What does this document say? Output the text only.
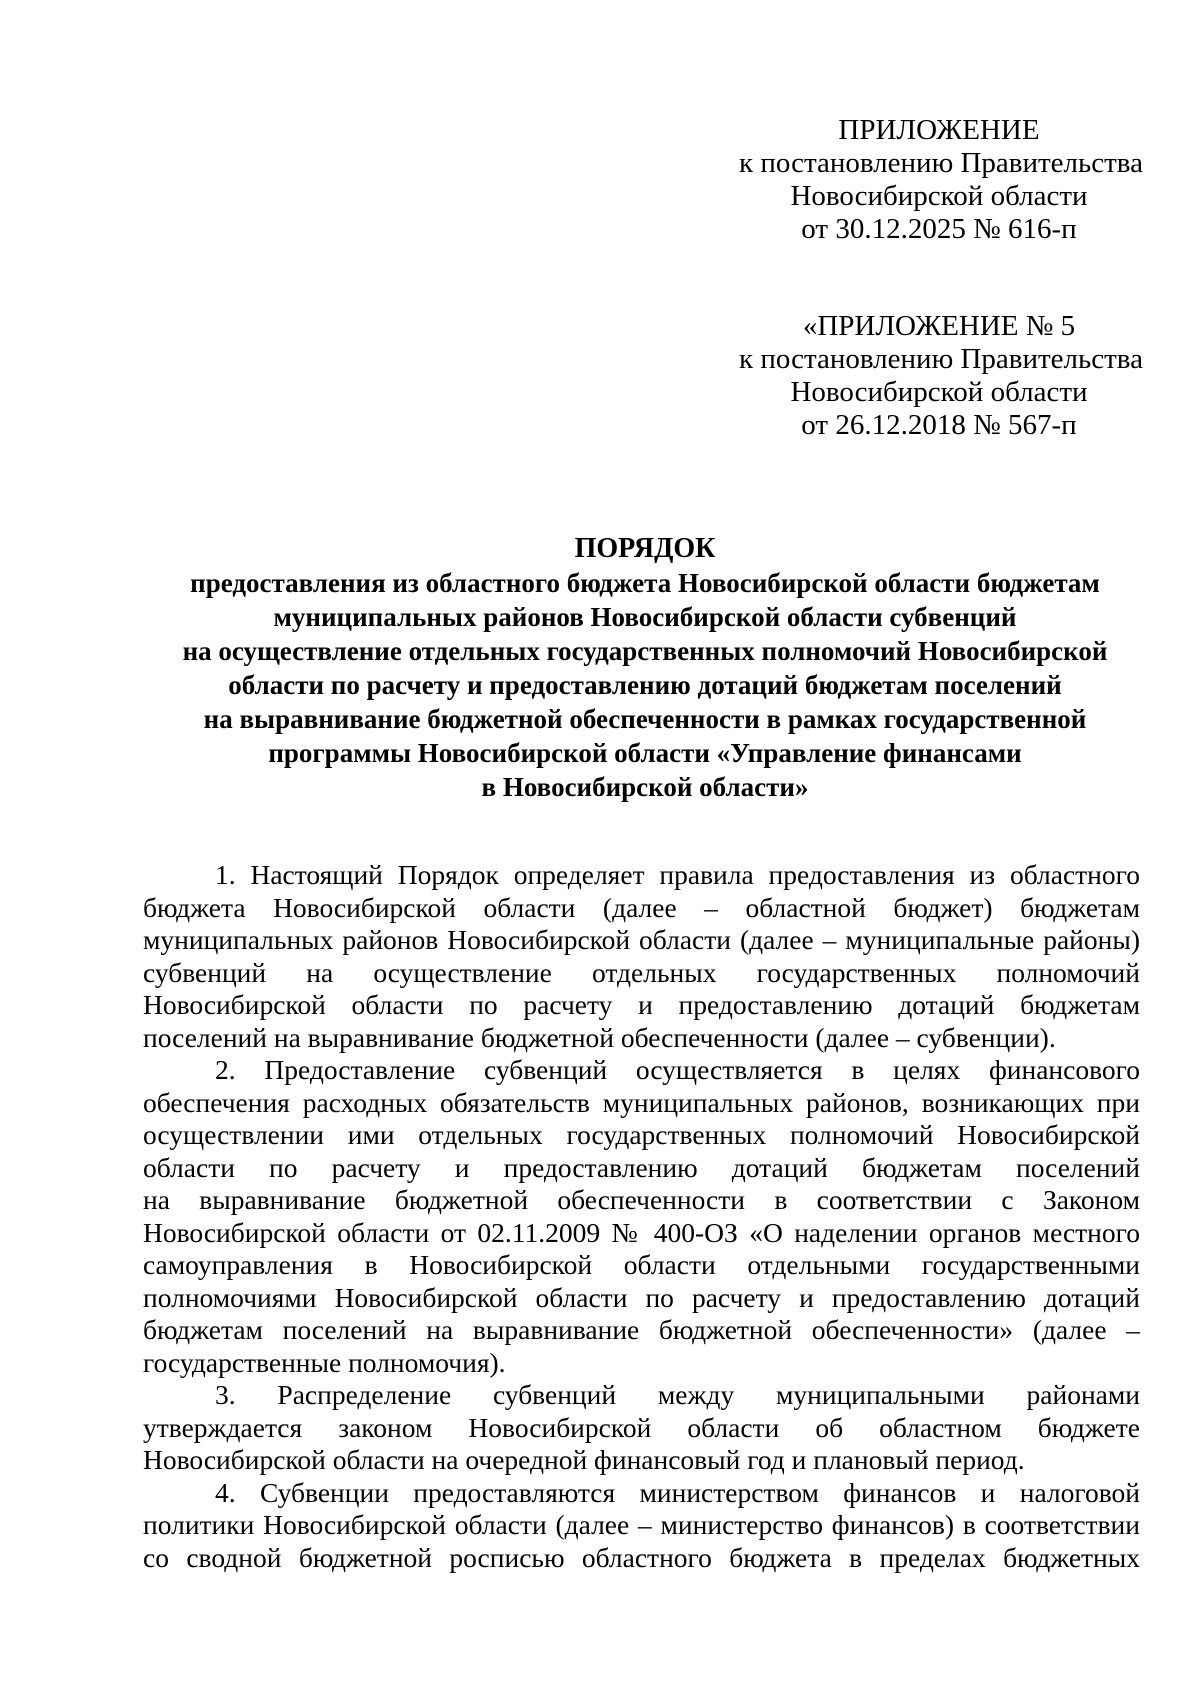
ПРИЛОЖЕНИЕ
к постановлению Правительства
Новосибирской области
от 30.12.2025 № 616-п
«ПРИЛОЖЕНИЕ № 5
к постановлению Правительства
Новосибирской области
от 26.12.2018 № 567-п
ПОРЯДОК
предоставления из областного бюджета Новосибирской области бюджетам
муниципальных районов Новосибирской области субвенций
на осуществление отдельных государственных полномочий Новосибирской
области по расчету и предоставлению дотаций бюджетам поселений
на выравнивание бюджетной обеспеченности в рамках государственной
программы Новосибирской области «Управление финансами
в Новосибирской области»
1. Настоящий Порядок определяет правила предоставления из областного
бюджета Новосибирской области (далее – областной бюджет) бюджетам
муниципальных районов Новосибирской области (далее – муниципальные районы)
субвенций на осуществление отдельных государственных полномочий
Новосибирской области по расчету и предоставлению дотаций бюджетам
поселений на выравнивание бюджетной обеспеченности (далее – субвенции).
2. Предоставление субвенций осуществляется в целях финансового
обеспечения расходных обязательств муниципальных районов, возникающих при
осуществлении ими отдельных государственных полномочий Новосибирской
области по расчету и предоставлению дотаций бюджетам поселений
на выравнивание бюджетной обеспеченности в соответствии с Законом
Новосибирской области от 02.11.2009 № 400-ОЗ «О наделении органов местного
самоуправления в Новосибирской области отдельными государственными
полномочиями Новосибирской области по расчету и предоставлению дотаций
бюджетам поселений на выравнивание бюджетной обеспеченности» (далее –
государственные полномочия).
3. Распределение субвенций между муниципальными районами
утверждается законом Новосибирской области об областном бюджете
Новосибирской области на очередной финансовый год и плановый период.
4. Субвенции предоставляются министерством финансов и налоговой
политики Новосибирской области (далее – министерство финансов) в соответствии
со сводной бюджетной росписью областного бюджета в пределах бюджетных
